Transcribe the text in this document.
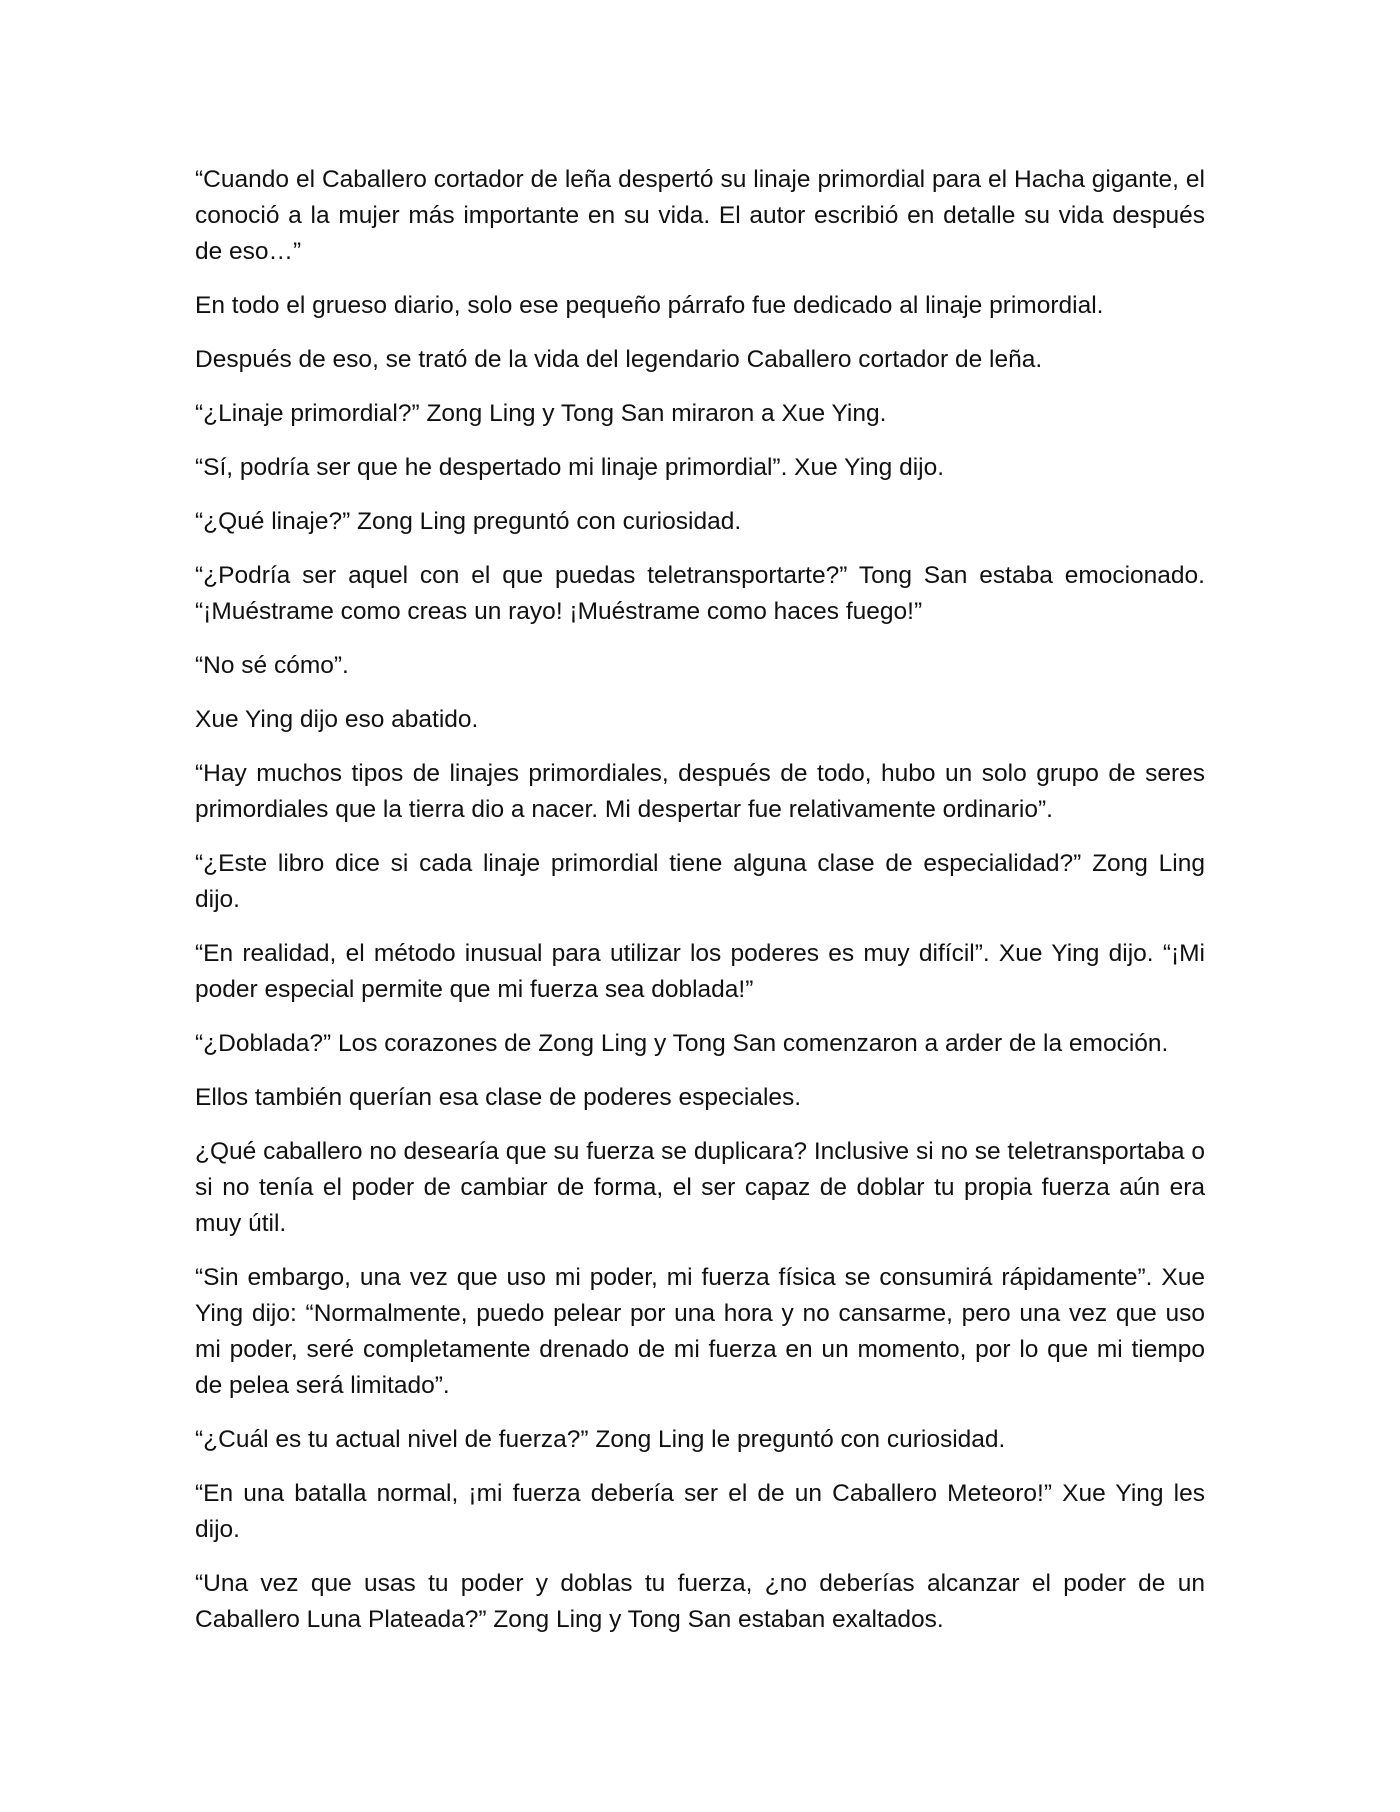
“Cuando el Caballero cortador de leña despertó su linaje primordial para el Hacha gigante, el conoció a la mujer más importante en su vida. El autor escribió en detalle su vida después de eso…”

En todo el grueso diario, solo ese pequeño párrafo fue dedicado al linaje primordial.

Después de eso, se trató de la vida del legendario Caballero cortador de leña.

“¿Linaje primordial?” Zong Ling y Tong San miraron a Xue Ying.

“Sí, podría ser que he despertado mi linaje primordial”. Xue Ying dijo.

“¿Qué linaje?” Zong Ling preguntó con curiosidad.

“¿Podría ser aquel con el que puedas teletransportarte?” Tong San estaba emocionado. “¡Muéstrame como creas un rayo! ¡Muéstrame como haces fuego!”

“No sé cómo”.

Xue Ying dijo eso abatido.

“Hay muchos tipos de linajes primordiales, después de todo, hubo un solo grupo de seres primordiales que la tierra dio a nacer. Mi despertar fue relativamente ordinario”.

“¿Este libro dice si cada linaje primordial tiene alguna clase de especialidad?” Zong Ling dijo.

“En realidad, el método inusual para utilizar los poderes es muy difícil”. Xue Ying dijo. “¡Mi poder especial permite que mi fuerza sea doblada!”

“¿Doblada?” Los corazones de Zong Ling y Tong San comenzaron a arder de la emoción.

Ellos también querían esa clase de poderes especiales.

¿Qué caballero no desearía que su fuerza se duplicara? Inclusive si no se teletransportaba o si no tenía el poder de cambiar de forma, el ser capaz de doblar tu propia fuerza aún era muy útil.

“Sin embargo, una vez que uso mi poder, mi fuerza física se consumirá rápidamente”. Xue Ying dijo: “Normalmente, puedo pelear por una hora y no cansarme, pero una vez que uso mi poder, seré completamente drenado de mi fuerza en un momento, por lo que mi tiempo de pelea será limitado”.

“¿Cuál es tu actual nivel de fuerza?” Zong Ling le preguntó con curiosidad.

“En una batalla normal, ¡mi fuerza debería ser el de un Caballero Meteoro!” Xue Ying les dijo.

“Una vez que usas tu poder y doblas tu fuerza, ¿no deberías alcanzar el poder de un Caballero Luna Plateada?” Zong Ling y Tong San estaban exaltados.
